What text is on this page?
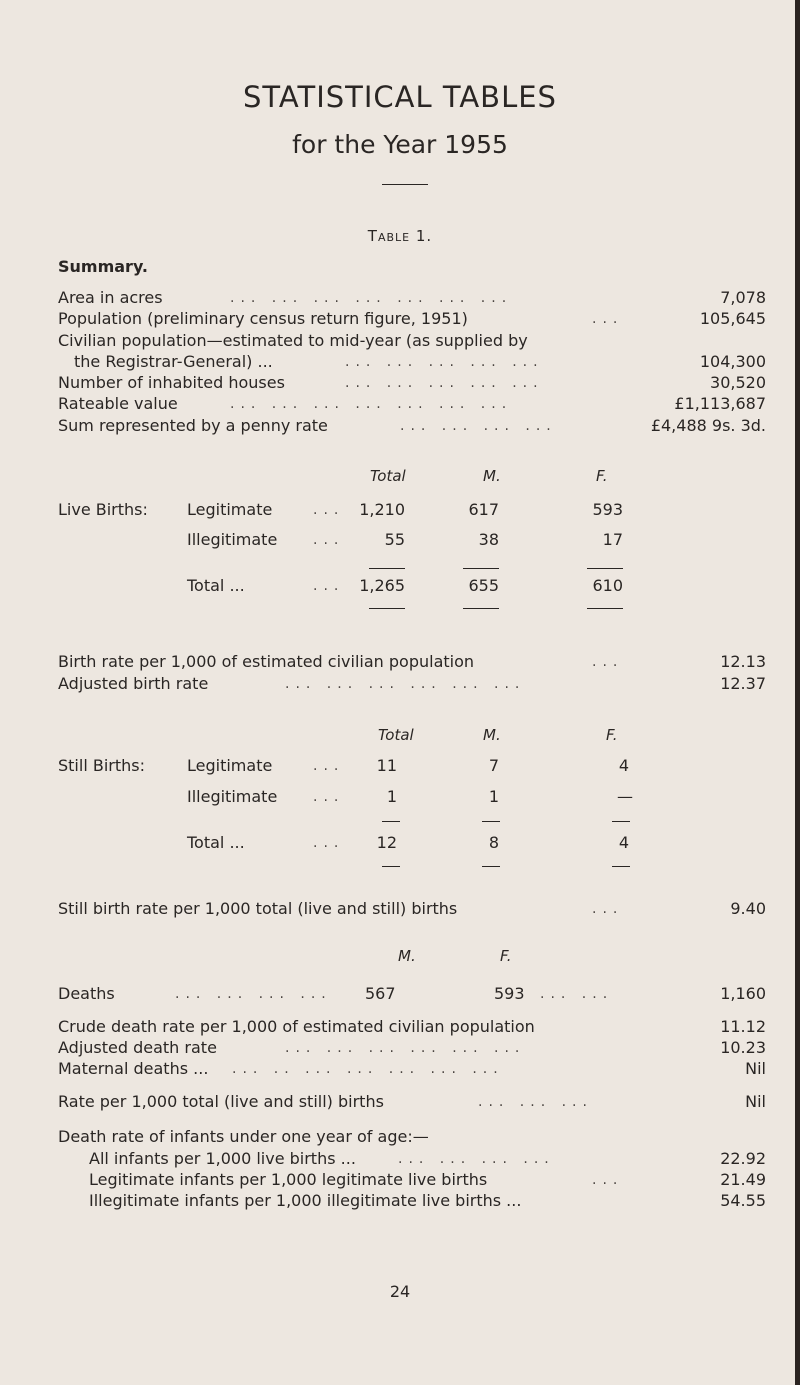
STATISTICAL TABLES
for the Year 1955
Table 1.
Summary.
Area in acres	... ... ... ... ... ... ...	7,078
Population (preliminary census return figure, 1951)	...	105,645
Civilian population—estimated to mid-year (as supplied by
the Registrar-General) ...	... ... ... ... ...	104,300
Number of inhabited houses	... ... ... ... ...	30,520
Rateable value	... ... ... ... ... ... ...	£1,113,687
Sum represented by a penny rate	... ... ... ...	£4,488 9s. 3d.
Total	M.	F.
Live Births: Legitimate	... 1,210	617	593
Illegitimate	...	55	38	17
Total ...	... 1,265	655	610
Birth rate per 1,000 of estimated civilian population	...	12.13
Adjusted birth rate	... ... ... ... ... ...	12.37
Total	M.	F.
Still Births:	Legitimate	... 11	7	4
Illegitimate	...	1	1	—
Total ...	... 12	8	4
Still birth rate per 1,000 total (live and still) births	...	9.40
M.	F.
Deaths	... ... ... ... 567	593 ... ...	1,160
Crude death rate per 1,000 of estimated civilian population	11.12
Adjusted death rate	... ... ... ... ... ...	10.23
Maternal deaths ... ... .. ... ... ... ... ...	Nil
Rate per 1,000 total (live and still) births	... ... ...	Nil
Death rate of infants under one year of age:—
All infants per 1,000 live births ...	... ... ... ...	22.92
Legitimate infants per 1,000 legitimate live births	...	21.49
Illegitimate infants per 1,000 illegitimate live births ...	54.55
24
